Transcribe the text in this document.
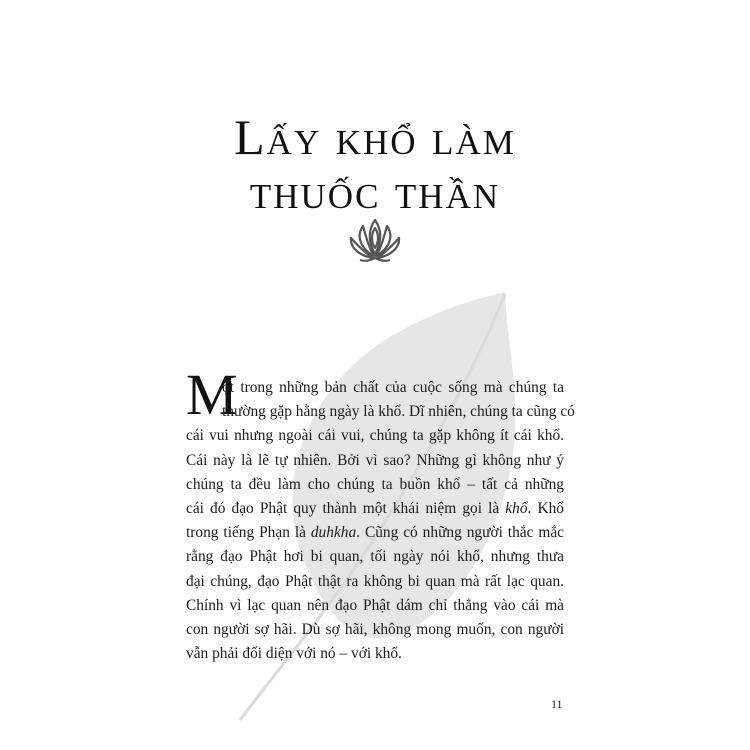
Lấy khổ làm
thuốc thần
M
ột trong những bản chất của cuộc sống mà chúng ta
thường gặp hằng ngày là khổ. Dĩ nhiên, chúng ta cũng có
cái vui nhưng ngoài cái vui, chúng ta gặp không ít cái khổ.
Cái này là lẽ tự nhiên. Bởi vì sao? Những gì không như ý
chúng ta đều làm cho chúng ta buồn khổ – tất cả những
cái đó đạo Phật quy thành một khái niệm gọi là khổ. Khổ
trong tiếng Phạn là duhkha. Cũng có những người thắc mắc
rằng đạo Phật hơi bi quan, tối ngày nói khổ, nhưng thưa
đại chúng, đạo Phật thật ra không bi quan mà rất lạc quan.
Chính vì lạc quan nên đạo Phật dám chỉ thẳng vào cái mà
con người sợ hãi. Dù sợ hãi, không mong muốn, con người
vẫn phải đối diện với nó – với khổ.
11
